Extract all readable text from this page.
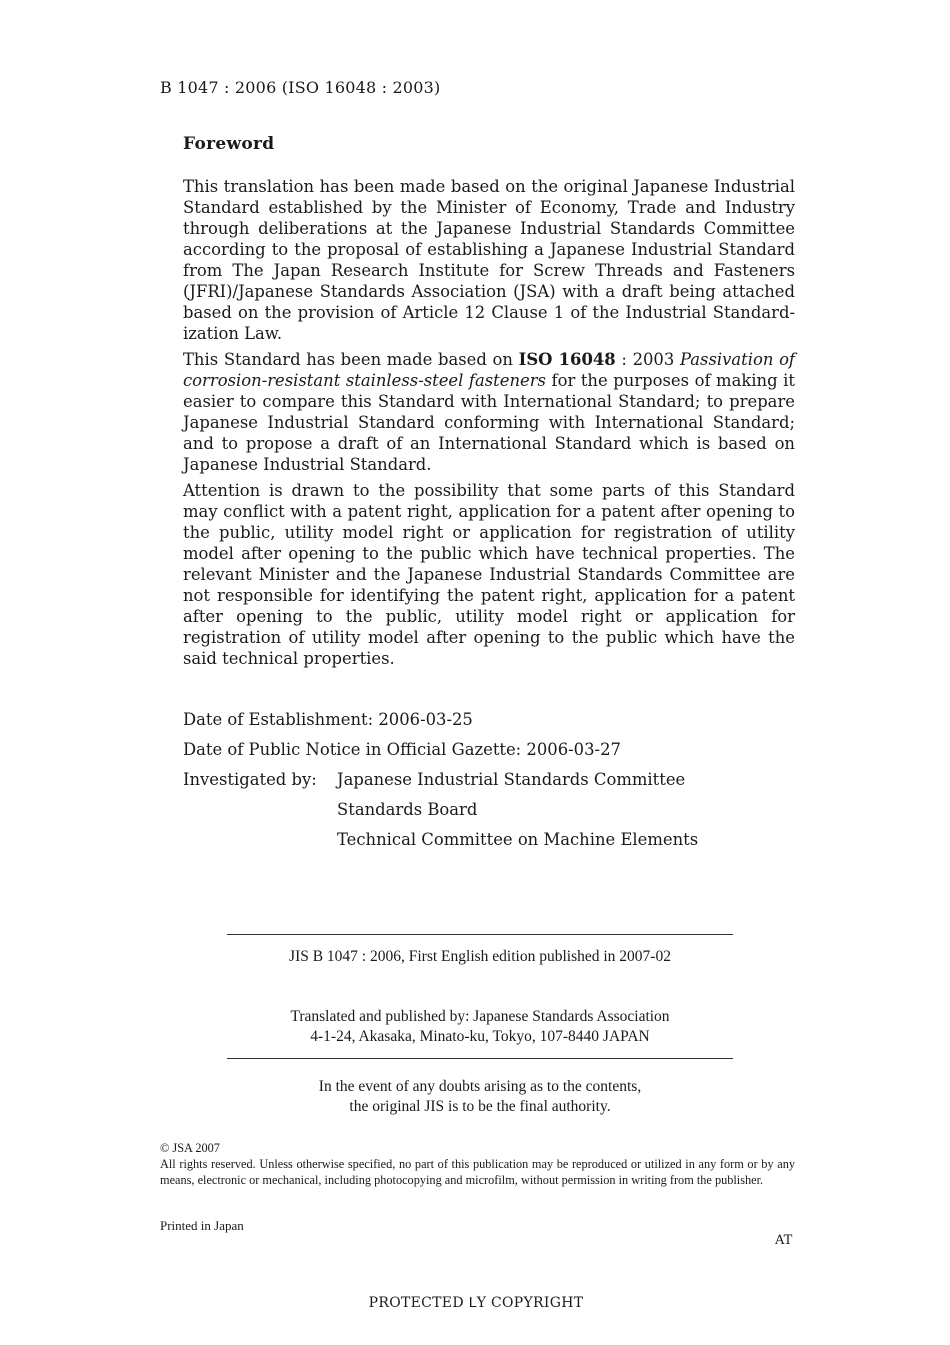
B 1047 : 2006 (ISO 16048 : 2003)
Foreword

This translation has been made based on the original Japanese Industrial Standard established by the Minister of Economy, Trade and Industry through deliberations at the Japanese Industrial Standards Committee according to the proposal of establishing a Japanese Industrial Standard from The Japan Research Institute for Screw Threads and Fasteners (JFRI)/Japanese Standards Association (JSA) with a draft being attached based on the provision of Article 12 Clause 1 of the Industrial Standard-ization Law.

This Standard has been made based on ISO 16048 : 2003 Passivation of corrosion-resistant stainless-steel fasteners for the purposes of making it easier to compare this Standard with International Standard; to prepare Japanese Industrial Standard conforming with International Standard; and to propose a draft of an International Standard which is based on Japanese Industrial Standard.

Attention is drawn to the possibility that some parts of this Standard may conflict with a patent right, application for a patent after opening to the public, utility model right or application for registration of utility model after opening to the public which have technical properties. The relevant Minister and the Japanese Industrial Standards Committee are not responsible for identifying the patent right, application for a patent after opening to the public, utility model right or application for registration of utility model after opening to the public which have the said technical properties.

Date of Establishment: 2006-03-25
Date of Public Notice in Official Gazette: 2006-03-27
Investigated by: Japanese Industrial Standards Committee
Standards Board
Technical Committee on Machine Elements
JIS B 1047 : 2006, First English edition published in 2007-02
Translated and published by: Japanese Standards Association
4-1-24, Akasaka, Minato-ku, Tokyo, 107-8440 JAPAN
In the event of any doubts arising as to the contents,
the original JIS is to be the final authority.
© JSA 2007
All rights reserved. Unless otherwise specified, no part of this publication may be reproduced or utilized in any form or by any means, electronic or mechanical, including photocopying and microfilm, without permission in writing from the publisher.
Printed in Japan
AT
PROTECTED ᒪY COPYRIGHT
